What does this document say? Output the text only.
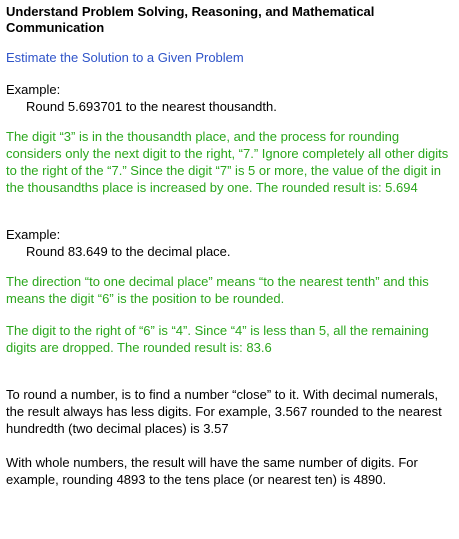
Understand Problem Solving, Reasoning, and Mathematical Communication
Estimate the Solution to a Given Problem
Example:
Round 5.693701 to the nearest thousandth.
The digit “3” is in the thousandth place, and the process for rounding considers only the next digit to the right, “7.” Ignore completely all other digits to the right of the “7.” Since the digit “7” is 5 or more, the value of the digit in the thousandths place is increased by one. The rounded result is: 5.694
Example:
Round 83.649 to the decimal place.
The direction “to one decimal place” means “to the nearest tenth” and this means the digit “6” is the position to be rounded.
The digit to the right of “6” is “4”. Since “4” is less than 5, all the remaining digits are dropped. The rounded result is: 83.6
To round a number, is to find a number “close” to it. With decimal numerals, the result always has less digits. For example, 3.567 rounded to the nearest hundredth (two decimal places) is 3.57
With whole numbers, the result will have the same number of digits. For example, rounding 4893 to the tens place (or nearest ten) is 4890.
